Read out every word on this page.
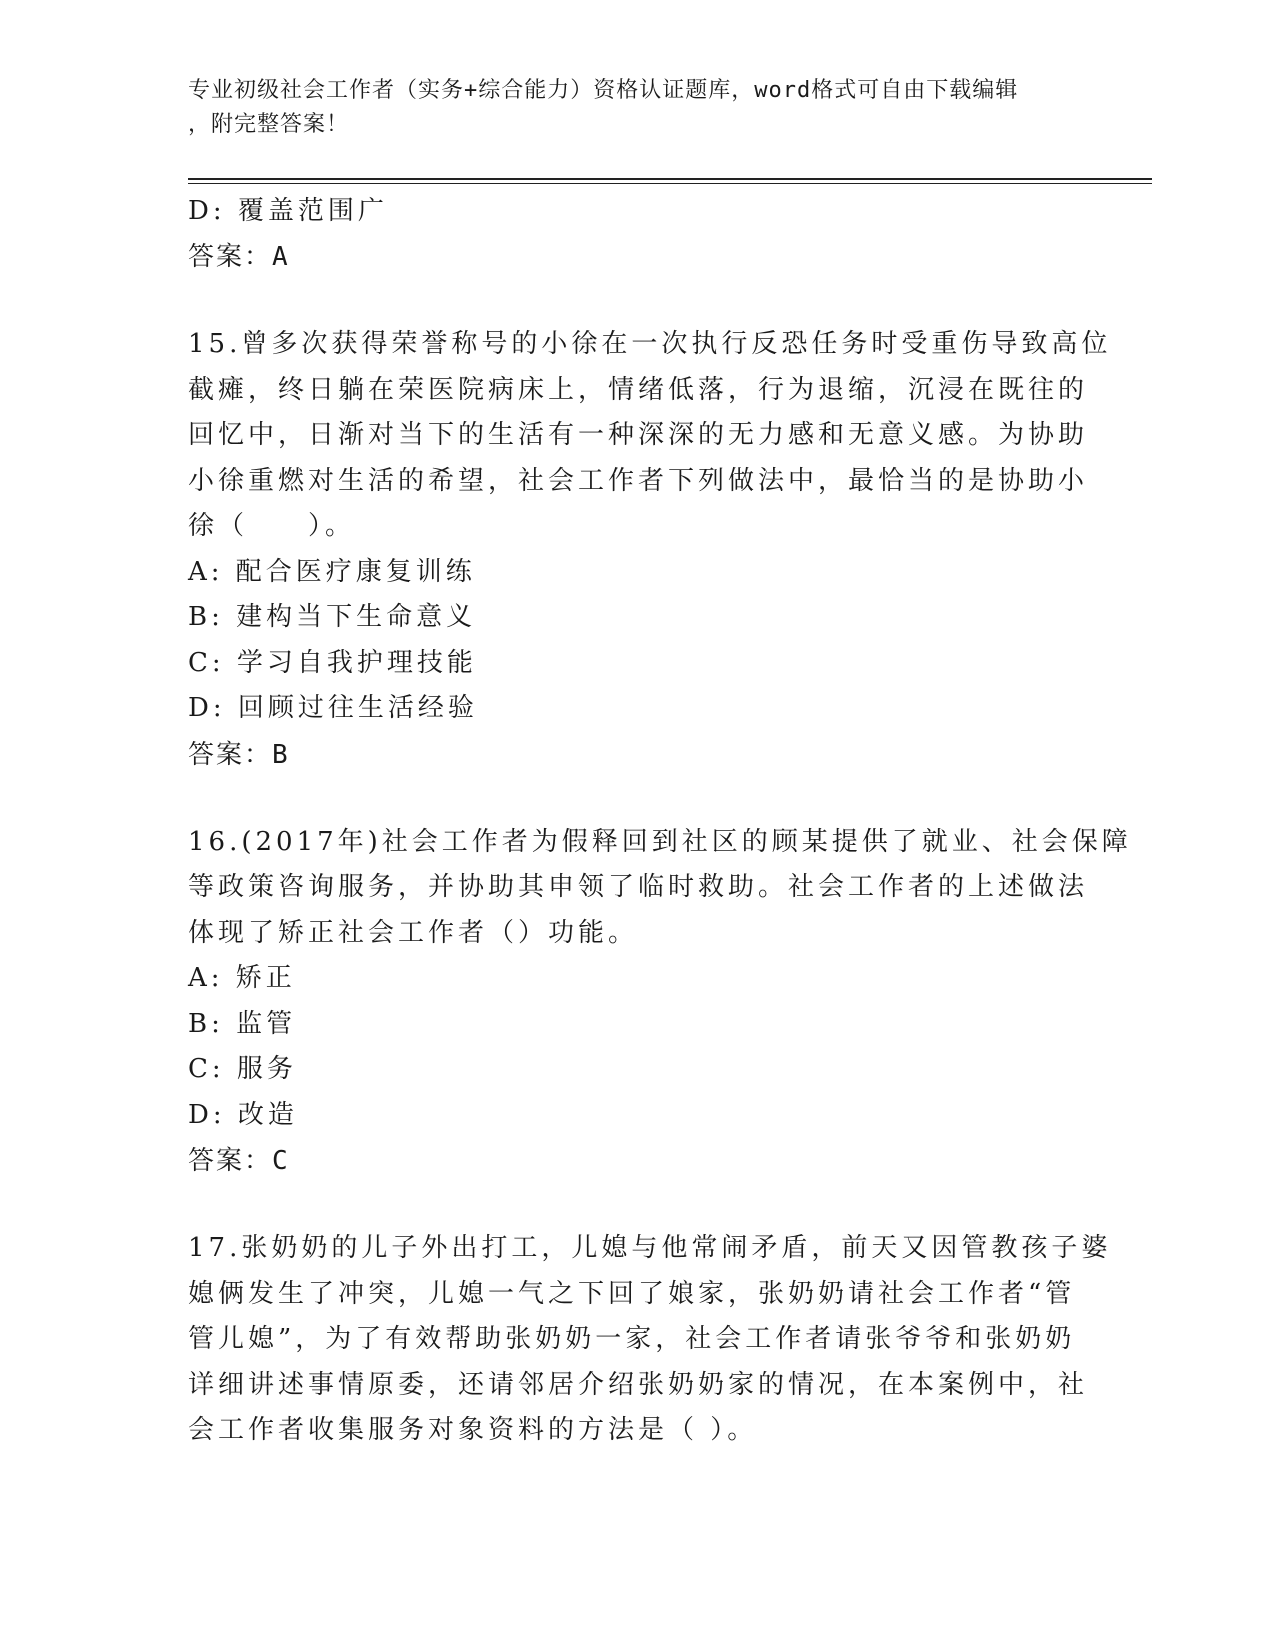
专业初级社会工作者（实务+综合能力）资格认证题库，word格式可自由下载编辑
，附完整答案！
D: 覆盖范围广
答案：A
15.曾多次获得荣誉称号的小徐在一次执行反恐任务时受重伤导致高位
截瘫，终日躺在荣医院病床上，情绪低落，行为退缩，沉浸在既往的
回忆中，日渐对当下的生活有一种深深的无力感和无意义感。为协助
小徐重燃对生活的希望，社会工作者下列做法中，最恰当的是协助小
徐（　　）。
A: 配合医疗康复训练
B: 建构当下生命意义
C: 学习自我护理技能
D: 回顾过往生活经验
答案：B
16.(2017年)社会工作者为假释回到社区的顾某提供了就业、社会保障
等政策咨询服务，并协助其申领了临时救助。社会工作者的上述做法
体现了矫正社会工作者（）功能。
A: 矫正
B: 监管
C: 服务
D: 改造
答案：C
17.张奶奶的儿子外出打工，儿媳与他常闹矛盾，前天又因管教孩子婆
媳俩发生了冲突，儿媳一气之下回了娘家，张奶奶请社会工作者“管
管儿媳”，为了有效帮助张奶奶一家，社会工作者请张爷爷和张奶奶
详细讲述事情原委，还请邻居介绍张奶奶家的情况，在本案例中，社
会工作者收集服务对象资料的方法是（ ）。
